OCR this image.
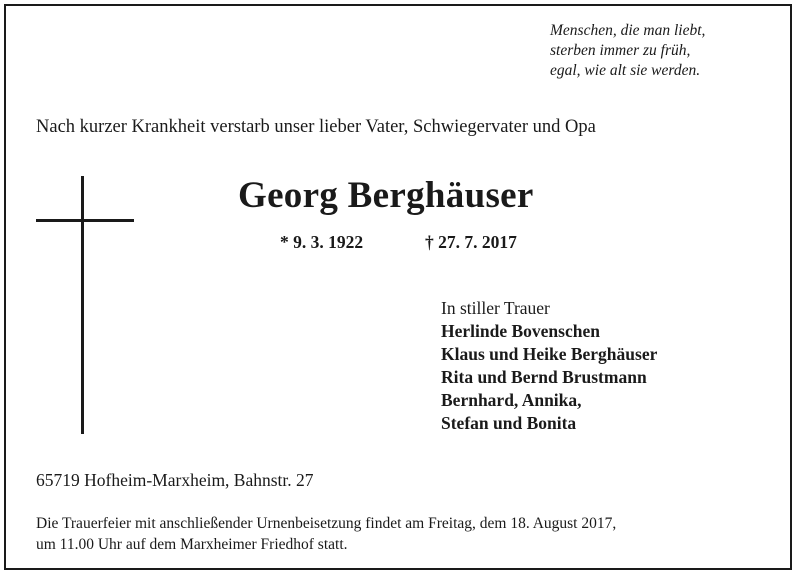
Menschen, die man liebt,
sterben immer zu früh,
egal, wie alt sie werden.
Nach kurzer Krankheit verstarb unser lieber Vater, Schwiegervater und Opa
Georg Berghäuser
* 9. 3. 1922	† 27. 7. 2017
In stiller Trauer
Herlinde Bovenschen
Klaus und Heike Berghäuser
Rita und Bernd Brustmann
Bernhard, Annika,
Stefan und Bonita
65719 Hofheim-Marxheim, Bahnstr. 27
Die Trauerfeier mit anschließender Urnenbeisetzung findet am Freitag, dem 18. August 2017,
um 11.00 Uhr auf dem Marxheimer Friedhof statt.
